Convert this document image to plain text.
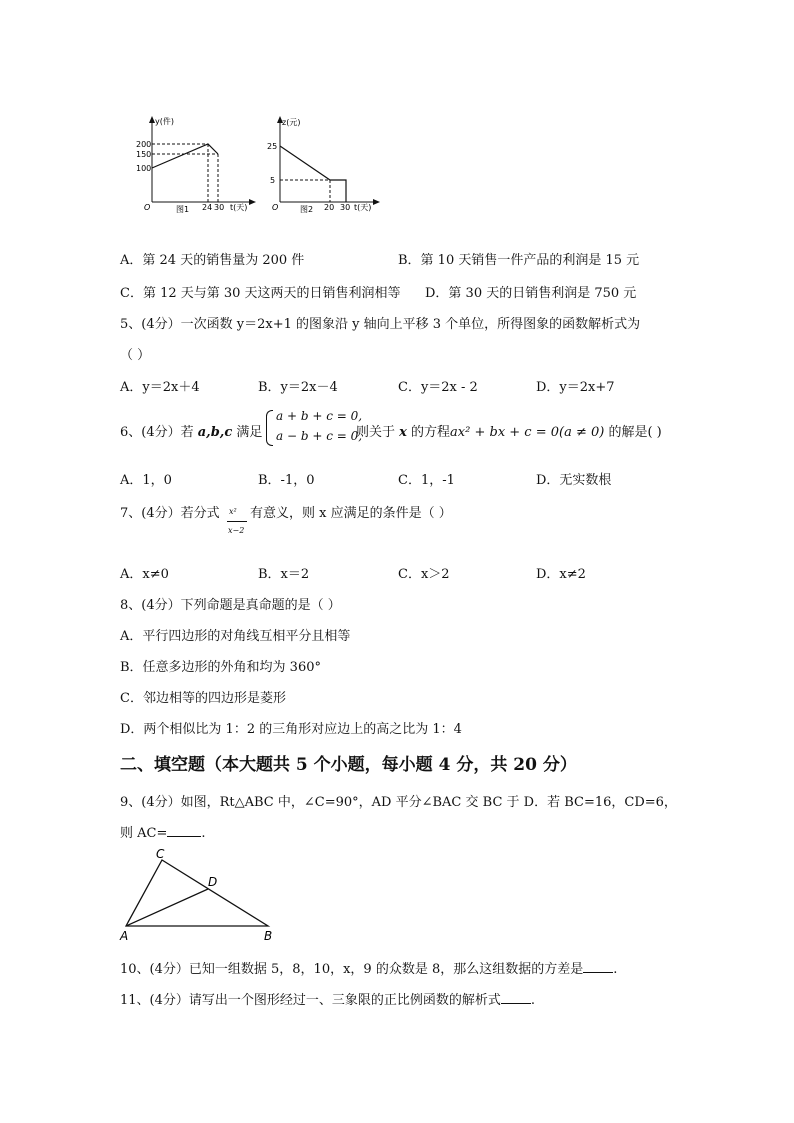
y(件)
200
150
100
O	24 30 t(天)
图1
z(元)
25
5
O	20 30 t(天)
图2
A．第 24 天的销售量为 200 件	B．第 10 天销售一件产品的利润是 15 元
C．第 12 天与第 30 天这两天的日销售利润相等 D．第 30 天的日销售利润是 750 元
5、(4分）一次函数 y＝2x+1 的图象沿 y 轴向上平移 3 个单位，所得图象的函数解析式为
（ ）
A．y＝2x＋4	B．y＝2x－4	C．y＝2x - 2	D．y＝2x+7
6、(4分）若 a,b,c 满足
a + b + c = 0,
a − b + c = 0,
则关于 x 的方程ax² + bx + c = 0(a ≠ 0) 的解是( )
A．1，0	B．-1，0	C．1，-1	D．无实数根
7、(4分）若分式 x²
x−2
有意义，则 x 应满足的条件是（ ）
A．x≠0	B．x＝2	C．x＞2	D．x≠2
8、(4分）下列命题是真命题的是（ ）
A．平行四边形的对角线互相平分且相等
B．任意多边形的外角和均为 360°
C．邻边相等的四边形是菱形
D．两个相似比为 1：2 的三角形对应边上的高之比为 1：4
二、填空题（本大题共 5 个小题，每小题 4 分，共 20 分）
9、(4分）如图，Rt△ABC 中，∠C=90°，AD 平分∠BAC 交 BC 于 D．若 BC=16，CD=6，
则 AC=	.
C
D
A	B
10、(4分）已知一组数据 5，8，10，x，9 的众数是 8，那么这组数据的方差是 .
11、(4分）请写出一个图形经过一、三象限的正比例函数的解析式 .
